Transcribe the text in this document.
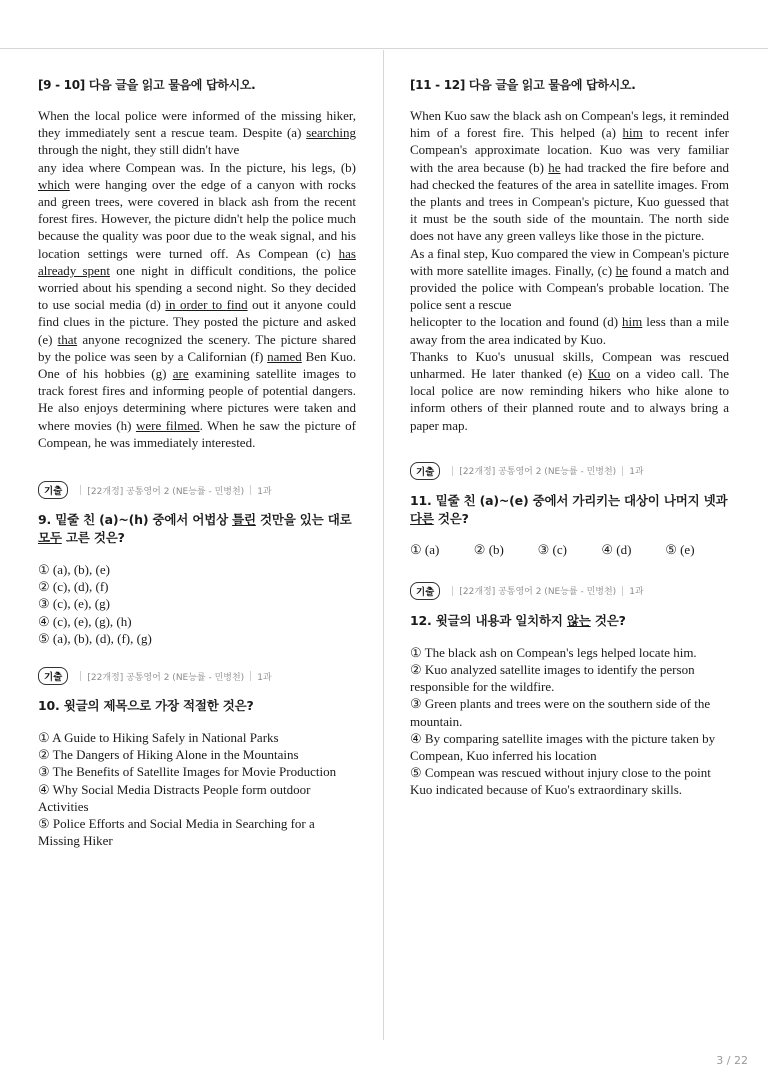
[9 - 10] 다음 글을 읽고 물음에 답하시오.

When the local police were informed of the missing hiker, they immediately sent a rescue team. Despite (a) searching through the night, they still didn't have

any idea where Compean was. In the picture, his legs, (b) which were hanging over the edge of a canyon with rocks and green trees, were covered in black ash from the recent forest fires. However, the picture didn't help the police much because the quality was poor due to the weak signal, and his location settings were turned off. As Compean (c) has already spent one night in difficult conditions, the police worried about his spending a second night. So they decided to use social media (d) in order to find out it anyone could find clues in the picture. They posted the picture and asked (e) that anyone recognized the scenery. The picture shared by the police was seen by a Californian (f) named Ben Kuo. One of his hobbies (g) are examining satellite images to track forest fires and informing people of potential dangers. He also enjoys determining where pictures were taken and where movies (h) were filmed. When he saw the picture of Compean, he was immediately interested.

기출	[22개정] 공통영어 2 (NE능률 - 민병천) 1과
9. 밑줄 친 (a)~(h) 중에서 어법상 틀린 것만을 있는 대로 모두 고른 것은?
① (a), (b), (e)
② (c), (d), (f)
③ (c), (e), (g)
④ (c), (e), (g), (h)
⑤ (a), (b), (d), (f), (g)
기출	[22개정] 공통영어 2 (NE능률 - 민병천) 1과
10. 윗글의 제목으로 가장 적절한 것은?
① A Guide to Hiking Safely in National Parks
② The Dangers of Hiking Alone in the Mountains
③ The Benefits of Satellite Images for Movie Production
④ Why Social Media Distracts People form outdoor Activities
⑤ Police Efforts and Social Media in Searching for a Missing Hiker
[11 - 12] 다음 글을 읽고 물음에 답하시오.

When Kuo saw the black ash on Compean's legs, it reminded him of a forest fire. This helped (a) him to recent infer Compean's approximate location. Kuo was very familiar with the area because (b) he had tracked the fire before and had checked the features of the area in satellite images. From the plants and trees in Compean's picture, Kuo guessed that it must be the south side of the mountain. The north side does not have any green valleys like those in the picture.

As a final step, Kuo compared the view in Compean's picture with more satellite images. Finally, (c) he found a match and provided the police with Compean's probable location. The police sent a rescue

helicopter to the location and found (d) him less than a mile away from the area indicated by Kuo.

Thanks to Kuo's unusual skills, Compean was rescued unharmed. He later thanked (e) Kuo on a video call. The local police are now reminding hikers who hike alone to inform others of their planned route and to always bring a paper map.

기출	[22개정] 공통영어 2 (NE능률 - 민병천) 1과
11. 밑줄 친 (a)~(e) 중에서 가리키는 대상이 나머지 넷과 다른 것은?
① (a)	② (b)	③ (c)	④ (d)	⑤ (e)
기출	[22개정] 공통영어 2 (NE능률 - 민병천) 1과
12. 윗글의 내용과 일치하지 않는 것은?
① The black ash on Compean's legs helped locate him.
② Kuo analyzed satellite images to identify the person responsible for the wildfire.
③ Green plants and trees were on the southern side of the mountain.
④ By comparing satellite images with the picture taken by Compean, Kuo inferred his location
⑤ Compean was rescued without injury close to the point Kuo indicated because of Kuo's extraordinary skills.
3 / 22
